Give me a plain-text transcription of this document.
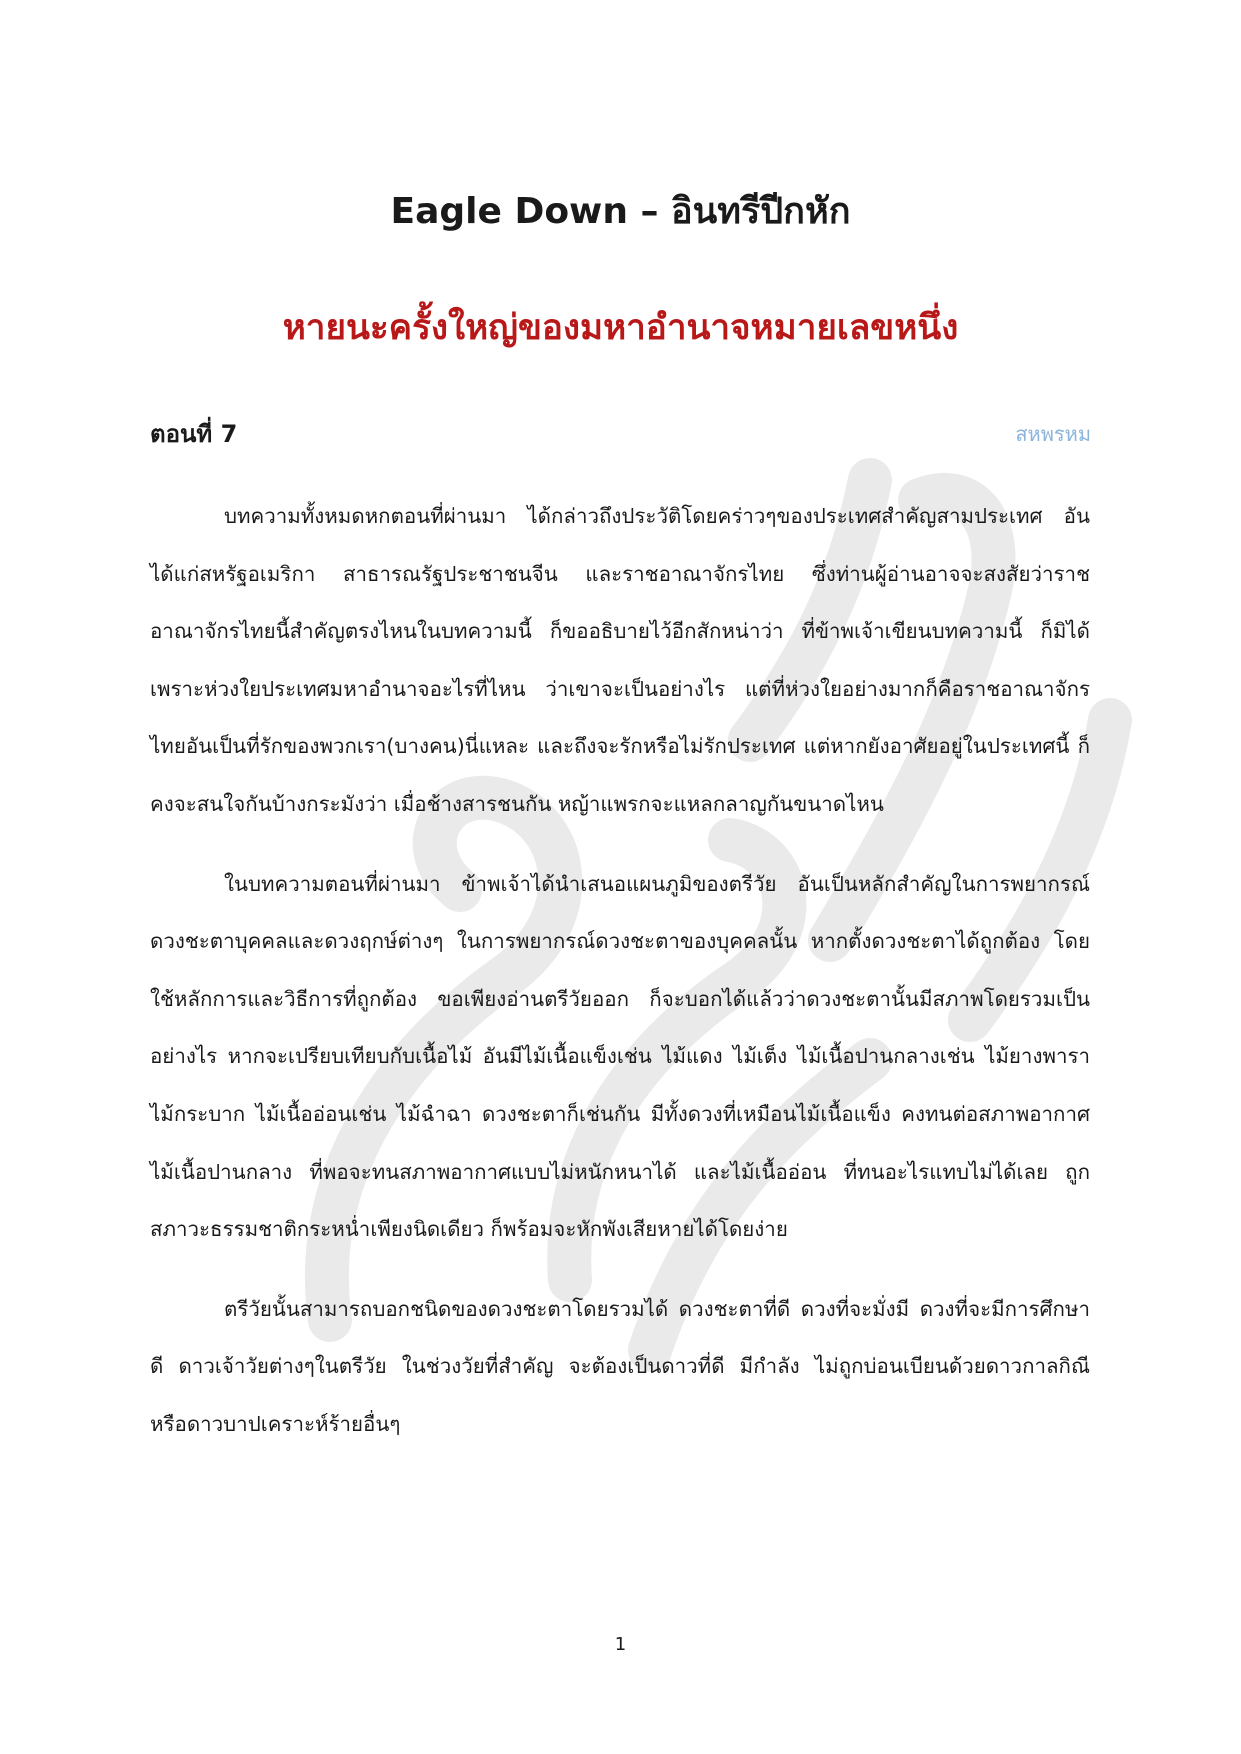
Eagle Down – อินทรีปีกหัก
หายนะครั้งใหญ่ของมหาอำนาจหมายเลขหนึ่ง
ตอนที่ 7	สหพรหม

บทความทั้งหมดหกตอนที่ผ่านมา ได้กล่าวถึงประวัติโดยคร่าวๆของประเทศสำคัญสามประเทศ อันได้แก่สหรัฐอเมริกา สาธารณรัฐประชาชนจีน และราชอาณาจักรไทย ซึ่งท่านผู้อ่านอาจจะสงสัยว่าราชอาณาจักรไทยนี้สำคัญตรงไหนในบทความนี้ ก็ขออธิบายไว้อีกสักหน่าว่า ที่ข้าพเจ้าเขียนบทความนี้ ก็มิได้เพราะห่วงใยประเทศมหาอำนาจอะไรที่ไหน ว่าเขาจะเป็นอย่างไร แต่ที่ห่วงใยอย่างมากก็คือราชอาณาจักรไทยอันเป็นที่รักของพวกเรา(บางคน)นี่แหละ และถึงจะรักหรือไม่รักประเทศ แต่หากยังอาศัยอยู่ในประเทศนี้ ก็คงจะสนใจกันบ้างกระมังว่า เมื่อช้างสารชนกัน หญ้าแพรกจะแหลกลาญกันขนาดไหน

ในบทความตอนที่ผ่านมา ข้าพเจ้าได้นำเสนอแผนภูมิของตรีวัย อันเป็นหลักสำคัญในการพยากรณ์ดวงชะตาบุคคลและดวงฤกษ์ต่างๆ ในการพยากรณ์ดวงชะตาของบุคคลนั้น หากตั้งดวงชะตาได้ถูกต้อง โดยใช้หลักการและวิธีการที่ถูกต้อง ขอเพียงอ่านตรีวัยออก ก็จะบอกได้แล้วว่าดวงชะตานั้นมีสภาพโดยรวมเป็นอย่างไร หากจะเปรียบเทียบกับเนื้อไม้ อันมีไม้เนื้อแข็งเช่น ไม้แดง ไม้เต็ง ไม้เนื้อปานกลางเช่น ไม้ยางพารา ไม้กระบาก ไม้เนื้ออ่อนเช่น ไม้ฉำฉา ดวงชะตาก็เช่นกัน มีทั้งดวงที่เหมือนไม้เนื้อแข็ง คงทนต่อสภาพอากาศ ไม้เนื้อปานกลาง ที่พอจะทนสภาพอากาศแบบไม่หนักหนาได้ และไม้เนื้ออ่อน ที่ทนอะไรแทบไม่ได้เลย ถูกสภาวะธรรมชาติกระหน่ำเพียงนิดเดียว ก็พร้อมจะหักพังเสียหายได้โดยง่าย

ตรีวัยนั้นสามารถบอกชนิดของดวงชะตาโดยรวมได้ ดวงชะตาที่ดี ดวงที่จะมั่งมี ดวงที่จะมีการศึกษาดี ดาวเจ้าวัยต่างๆในตรีวัย ในช่วงวัยที่สำคัญ จะต้องเป็นดาวที่ดี มีกำลัง ไม่ถูกบ่อนเบียนด้วยดาวกาลกิณี หรือดาวบาปเคราะห์ร้ายอื่นๆ

1
